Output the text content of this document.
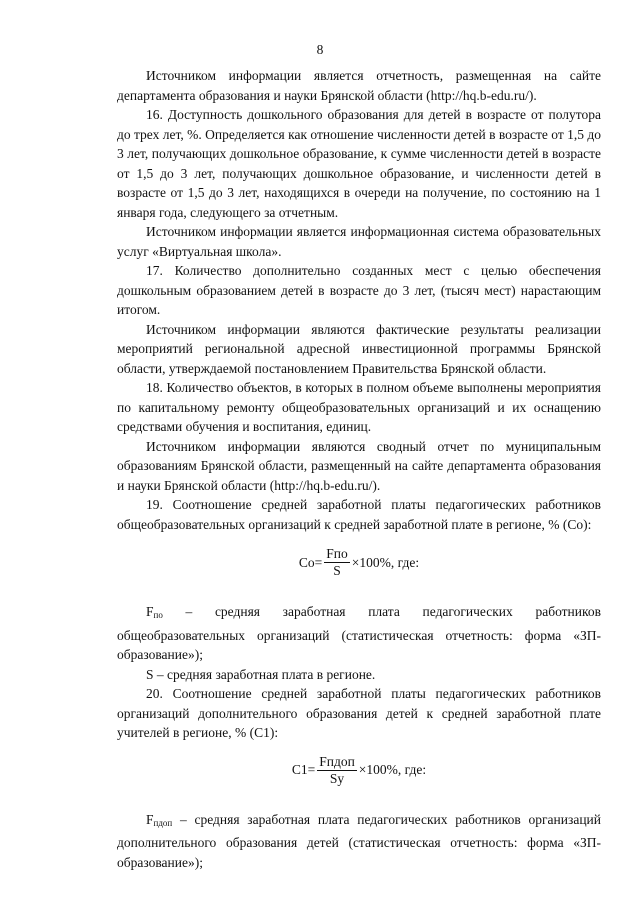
8

Источником информации является отчетность, размещенная на сайте департамента образования и науки Брянской области (http://hq.b-edu.ru/).

16. Доступность дошкольного образования для детей в возрасте от полутора до трех лет, %. Определяется как отношение численности детей в возрасте от 1,5 до 3 лет, получающих дошкольное образование, к сумме численности детей в возрасте от 1,5 до 3 лет, получающих дошкольное образование, и численности детей в возрасте от 1,5 до 3 лет, находящихся в очереди на получение, по состоянию на 1 января года, следующего за отчетным.

Источником информации является информационная система образовательных услуг «Виртуальная школа».

17. Количество дополнительно созданных мест с целью обеспечения дошкольным образованием детей в возрасте до 3 лет, (тысяч мест) нарастающим итогом.

Источником информации являются фактические результаты реализации мероприятий региональной адресной инвестиционной программы Брянской области, утверждаемой постановлением Правительства Брянской области.

18. Количество объектов, в которых в полном объеме выполнены мероприятия по капитальному ремонту общеобразовательных организаций и их оснащению средствами обучения и воспитания, единиц.

Источником информации являются сводный отчет по муниципальным образованиям Брянской области, размещенный на сайте департамента образования и науки Брянской области (http://hq.b-edu.ru/).

19. Соотношение средней заработной платы педагогических работников общеобразовательных организаций к средней заработной плате в регионе, % (Co):

$Co= \frac{\text{Fпо}}{S} \times 100\%$, где:

$F_{по}$ – средняя заработная плата педагогических работников общеобразовательных организаций (статистическая отчетность: форма «ЗП-образование»);

S – средняя заработная плата в регионе.

20. Соотношение средней заработной платы педагогических работников организаций дополнительного образования детей к средней заработной плате учителей в регионе, % (C1):

$C1= \frac{\text{Fпдоп}}{Sy} \times 100\%$, где:

$F_{пдоп}$ – средняя заработная плата педагогических работников организаций дополнительного образования детей (статистическая отчетность: форма «ЗП-образование»);
